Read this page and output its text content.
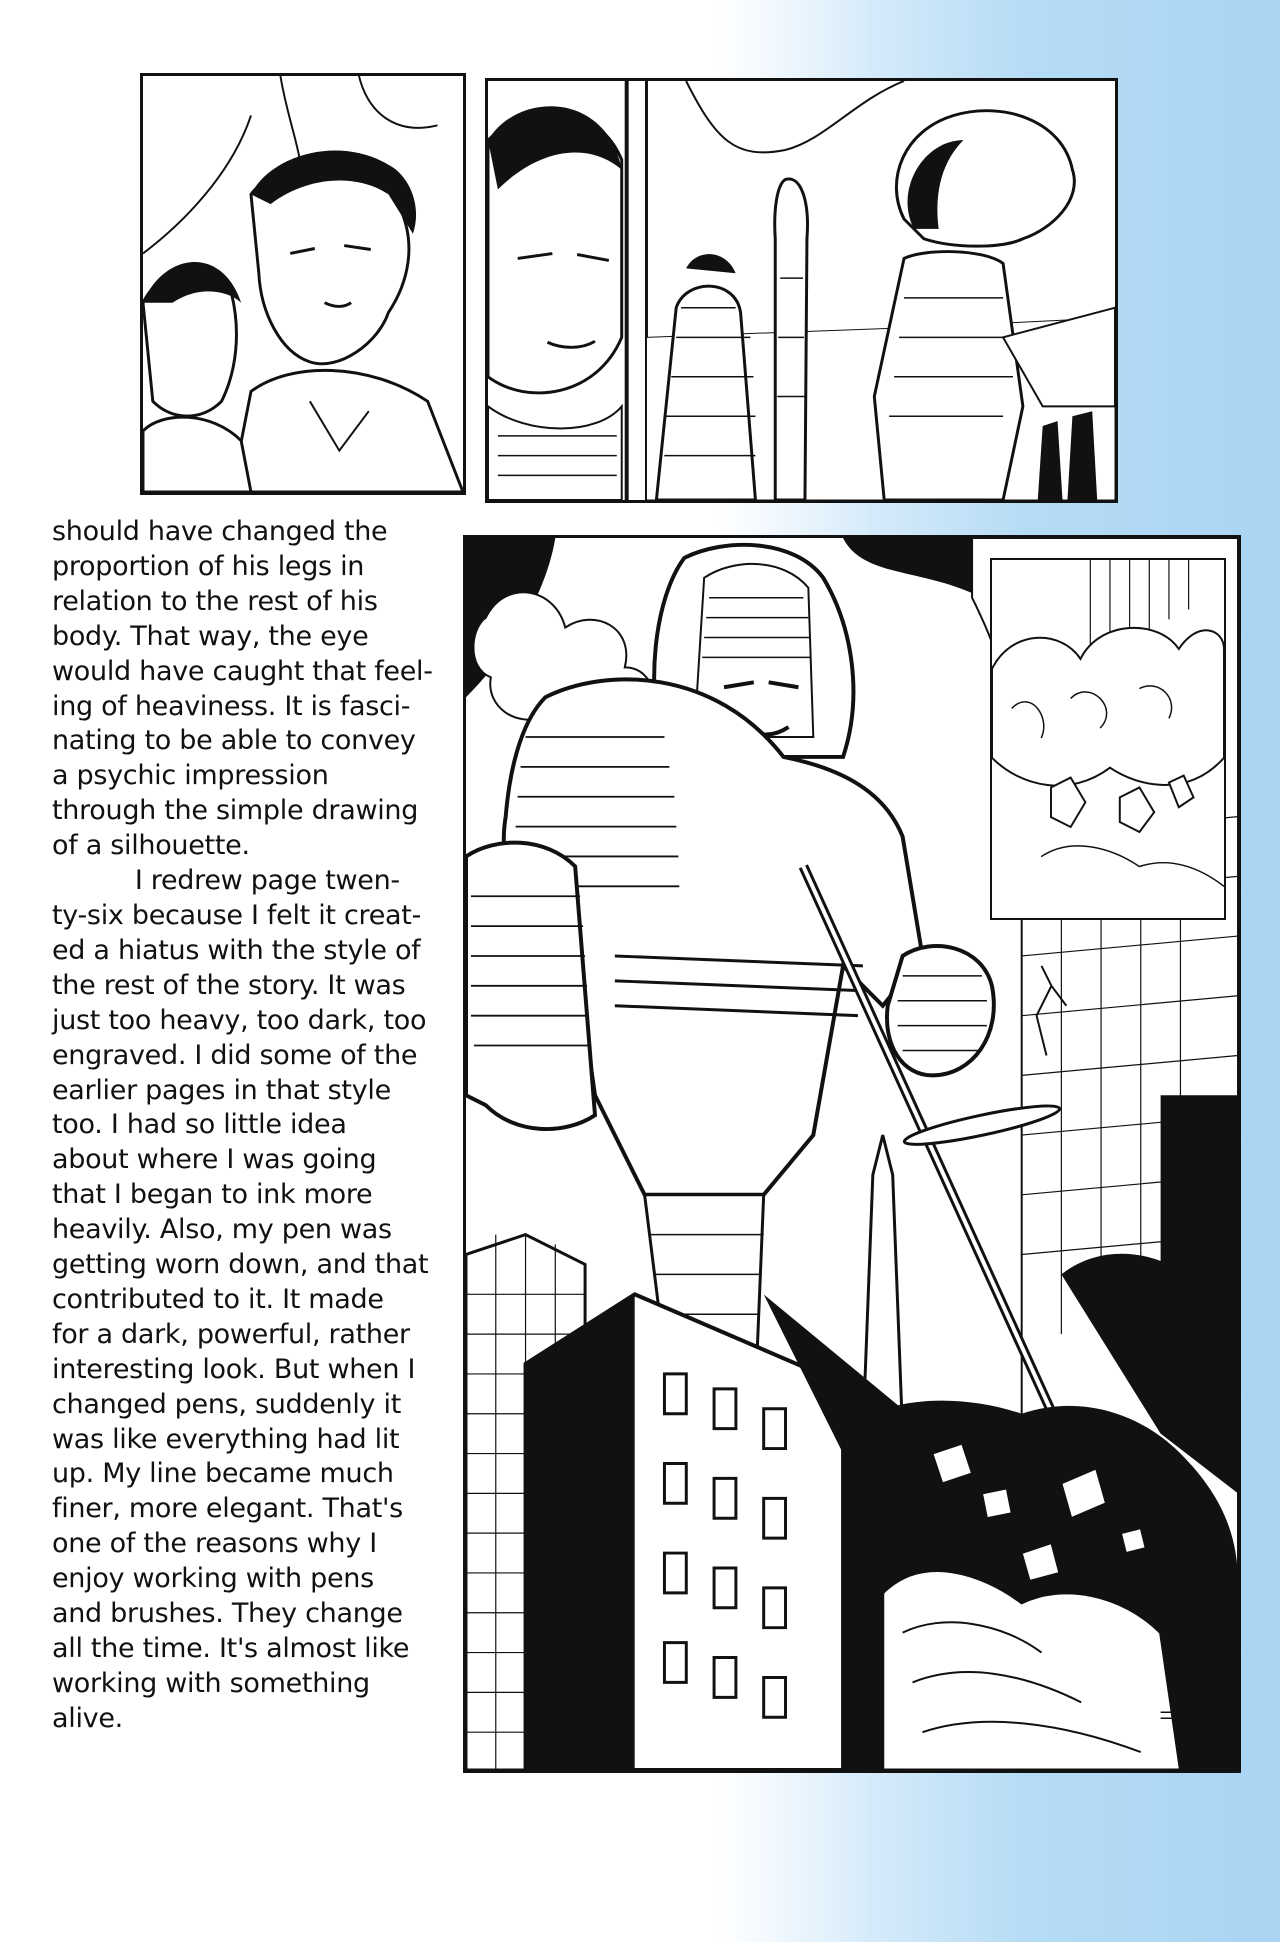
should have changed the
proportion of his legs in
relation to the rest of his
body. That way, the eye
would have caught that feel-
ing of heaviness. It is fasci-
nating to be able to convey
a psychic impression
through the simple drawing
of a silhouette.
I redrew page twen-
ty-six because I felt it creat-
ed a hiatus with the style of
the rest of the story. It was
just too heavy, too dark, too
engraved. I did some of the
earlier pages in that style
too. I had so little idea
about where I was going
that I began to ink more
heavily. Also, my pen was
getting worn down, and that
contributed to it. It made
for a dark, powerful, rather
interesting look. But when I
changed pens, suddenly it
was like everything had lit
up. My line became much
finer, more elegant. That's
one of the reasons why I
enjoy working with pens
and brushes. They change
all the time. It's almost like
working with something
alive.
